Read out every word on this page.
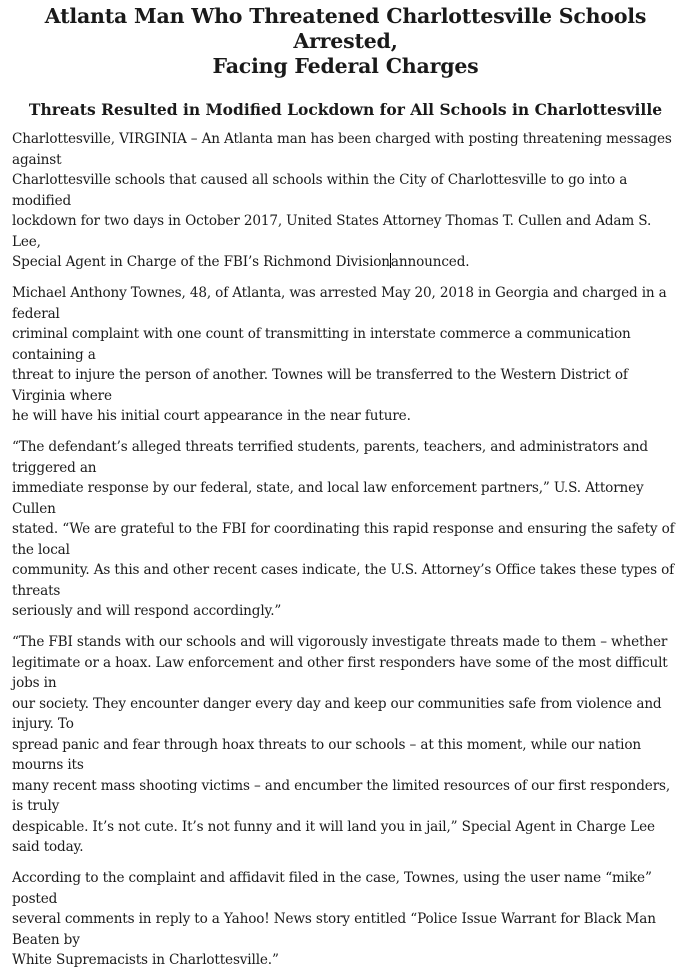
Atlanta Man Who Threatened Charlottesville Schools Arrested,
Facing Federal Charges
Threats Resulted in Modified Lockdown for All Schools in Charlottesville

Charlottesville, VIRGINIA – An Atlanta man has been charged with posting threatening messages against
Charlottesville schools that caused all schools within the City of Charlottesville to go into a modified
lockdown for two days in October 2017, United States Attorney Thomas T. Cullen and Adam S. Lee,
Special Agent in Charge of the FBI’s Richmond Divisionannounced.

Michael Anthony Townes, 48, of Atlanta, was arrested May 20, 2018 in Georgia and charged in a federal
criminal complaint with one count of transmitting in interstate commerce a communication containing a
threat to injure the person of another. Townes will be transferred to the Western District of Virginia where
he will have his initial court appearance in the near future.

“The defendant’s alleged threats terrified students, parents, teachers, and administrators and triggered an
immediate response by our federal, state, and local law enforcement partners,” U.S. Attorney Cullen
stated. “We are grateful to the FBI for coordinating this rapid response and ensuring the safety of the local
community. As this and other recent cases indicate, the U.S. Attorney’s Office takes these types of threats
seriously and will respond accordingly.”

“The FBI stands with our schools and will vigorously investigate threats made to them – whether
legitimate or a hoax. Law enforcement and other first responders have some of the most difficult jobs in
our society. They encounter danger every day and keep our communities safe from violence and injury. To
spread panic and fear through hoax threats to our schools – at this moment, while our nation mourns its
many recent mass shooting victims – and encumber the limited resources of our first responders, is truly
despicable. It’s not cute. It’s not funny and it will land you in jail,” Special Agent in Charge Lee said today.

According to the complaint and affidavit filed in the case, Townes, using the user name “mike” posted
several comments in reply to a Yahoo! News story entitled “Police Issue Warrant for Black Man Beaten by
White Supremacists in Charlottesville.”
